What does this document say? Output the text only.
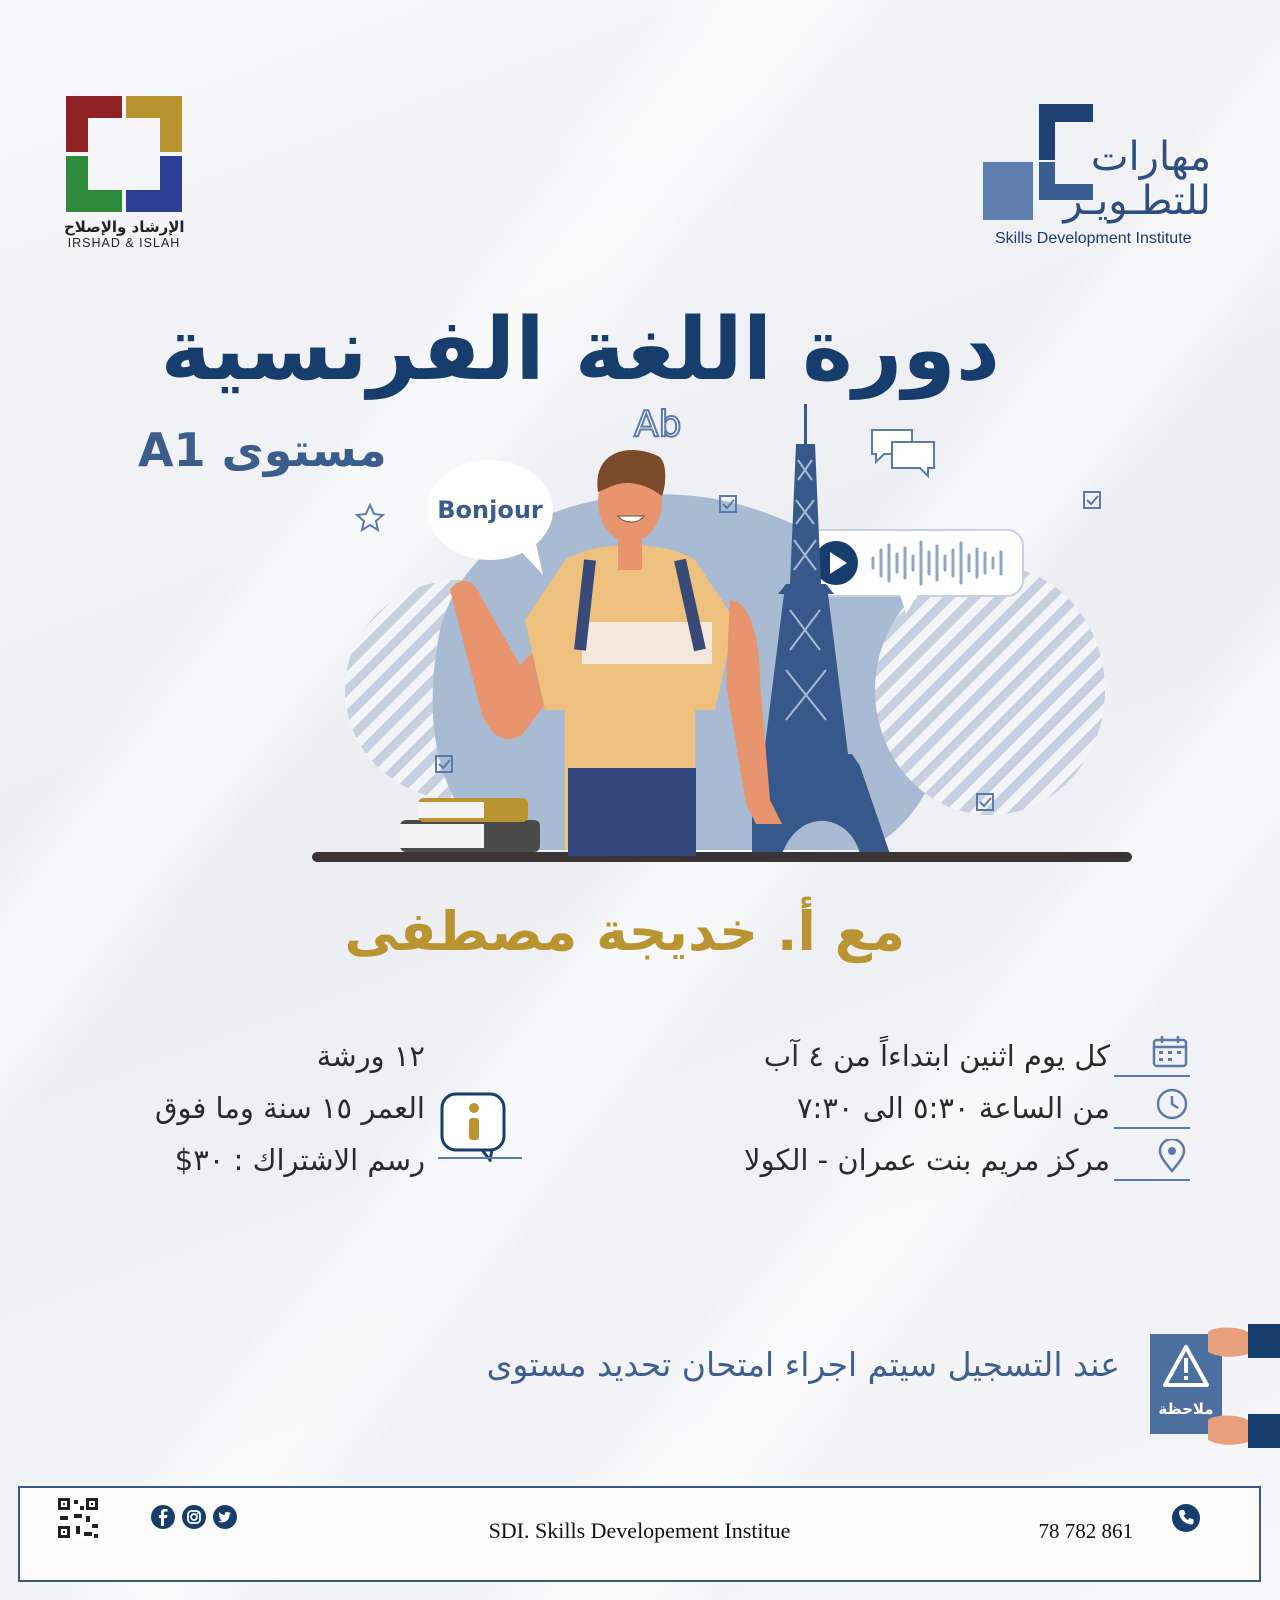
الإرشاد والإصلاح
IRSHAD & ISLAH
مهارات
للتطـويـر
Skills Development Institute
دورة اللغة الفرنسية
مستوى A1	Ab
Bonjour
مع أ. خديجة مصطفى
كل يوم اثنين ابتداءاً من ٤ آب
من الساعة ٥:٣٠ الى ٧:٣٠
مركز مريم بنت عمران - الكولا
١٢ ورشة
العمر ١٥ سنة وما فوق
رسم الاشتراك : ٣٠$
عند التسجيل سيتم اجراء امتحان تحديد مستوى
ملاحظة
SDI. Skills Developement Institue	78 782 861
